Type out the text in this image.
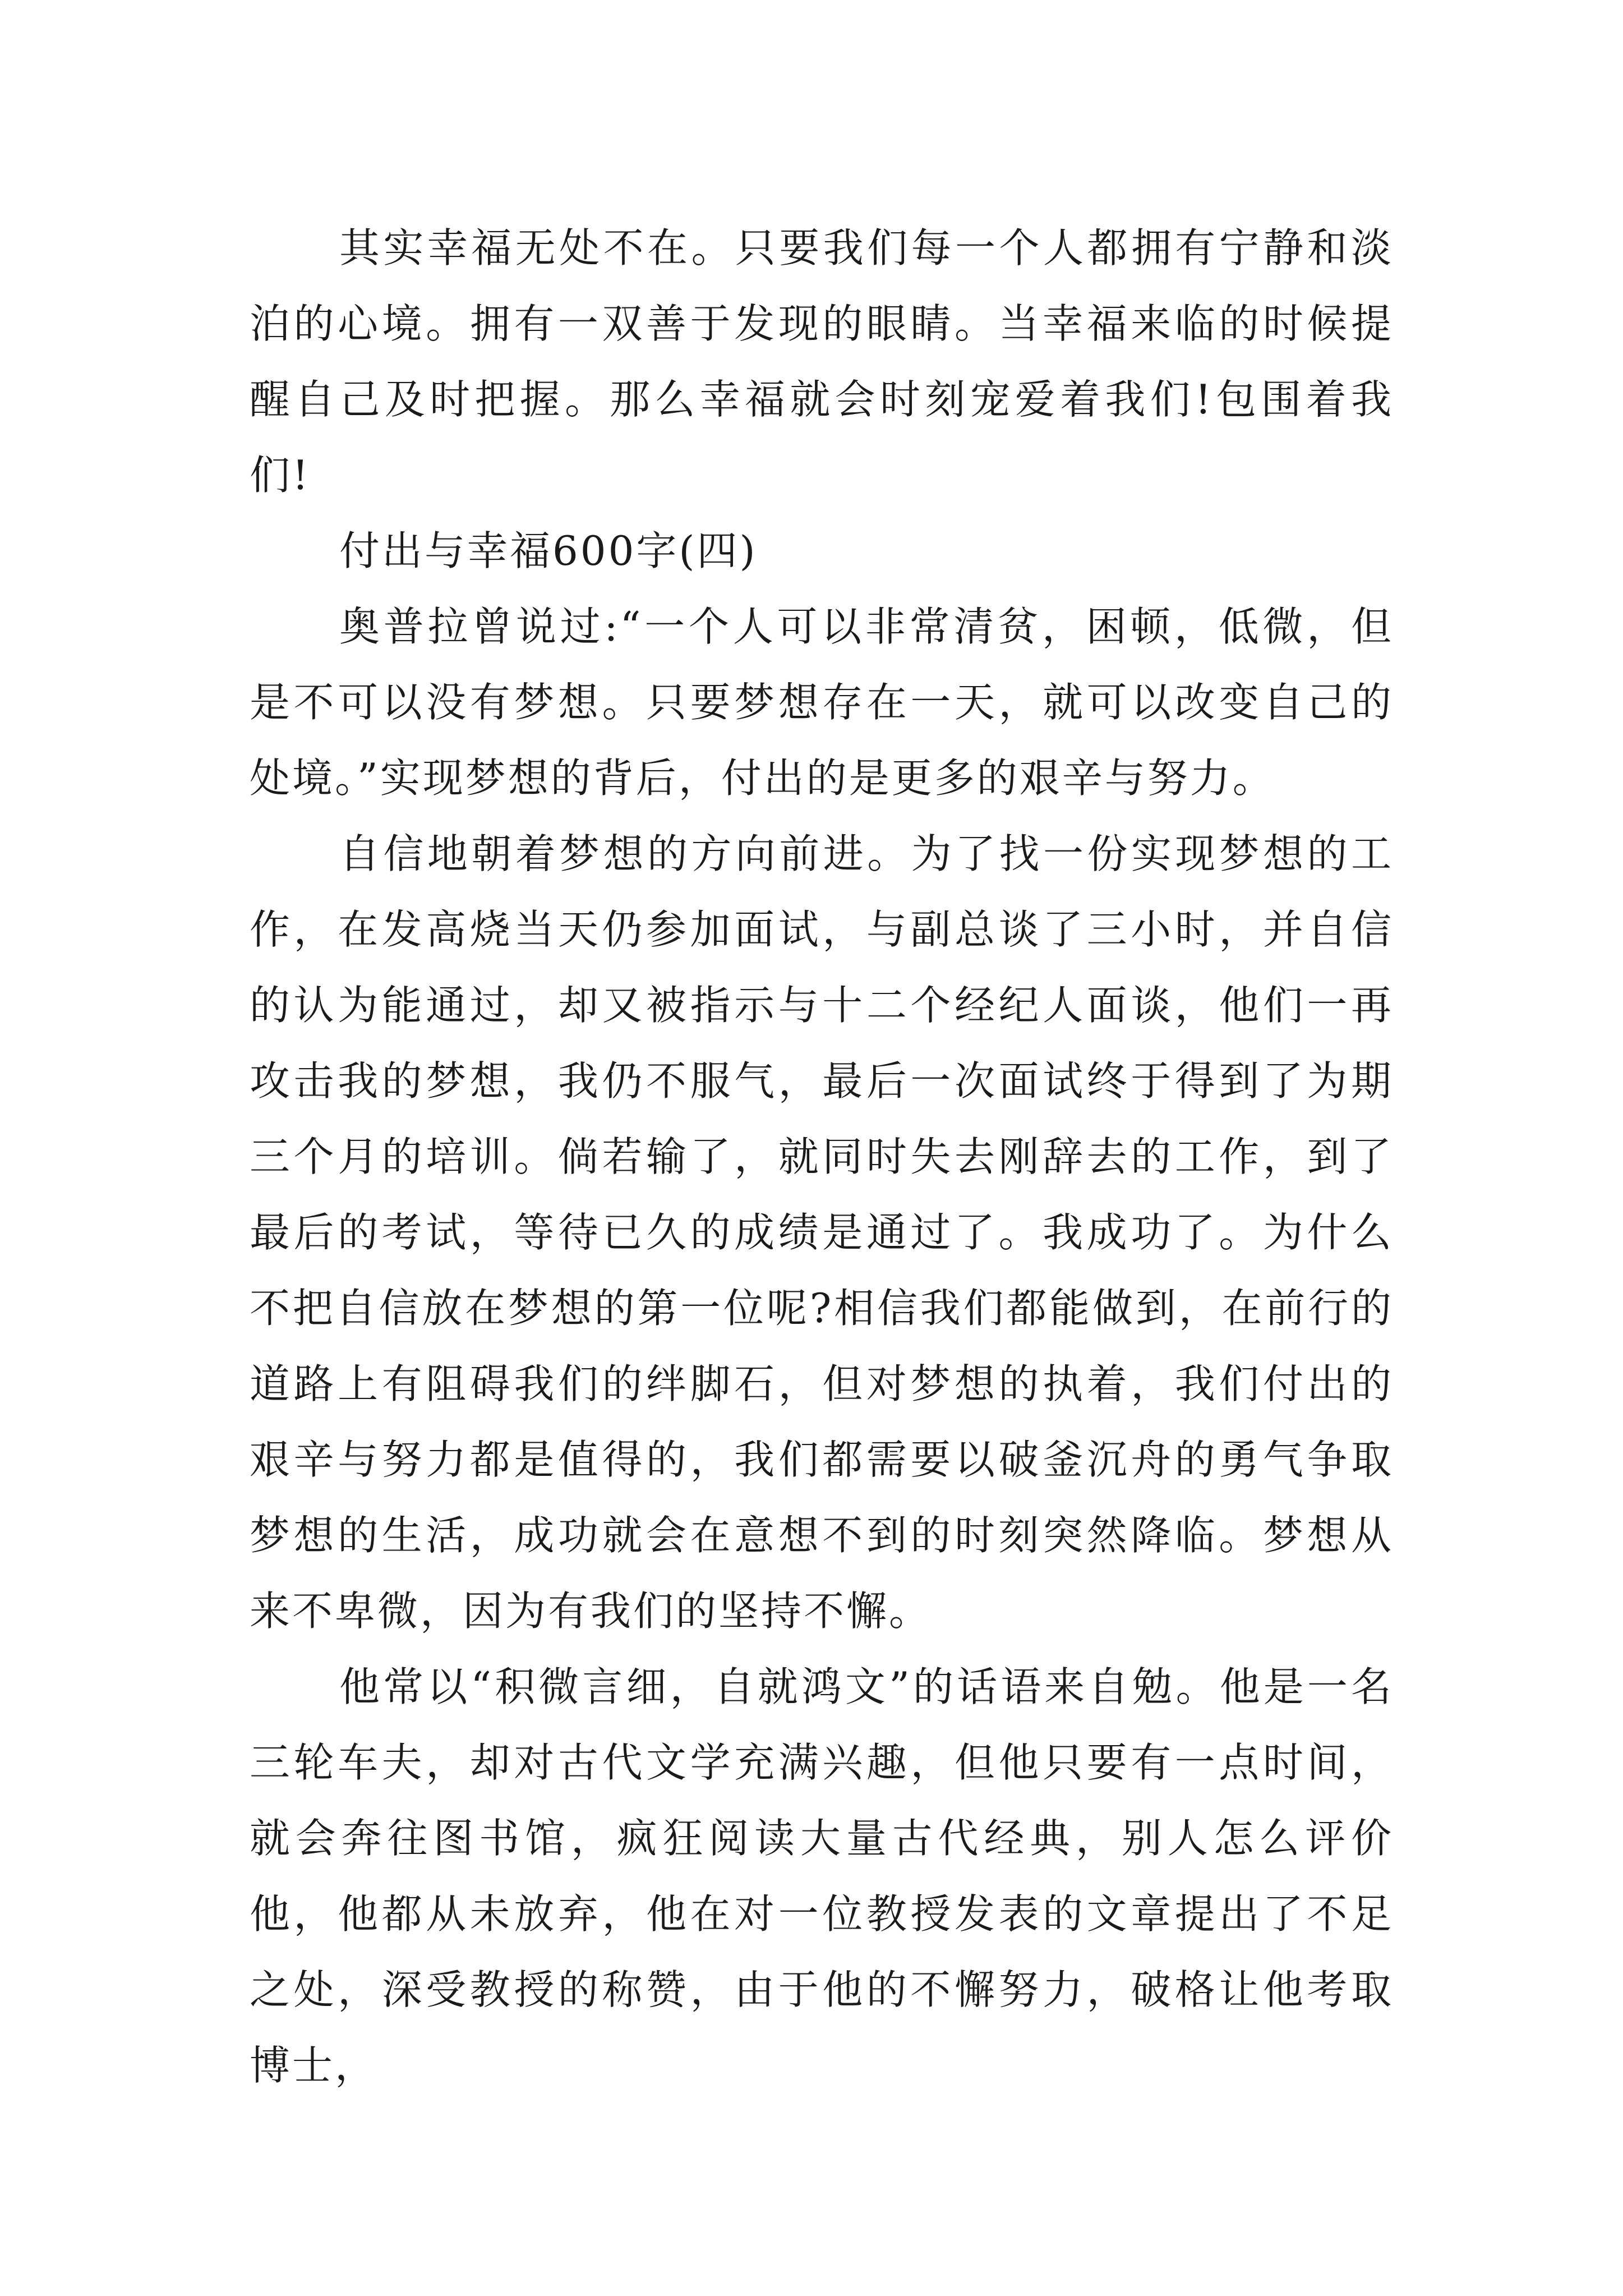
其实幸福无处不在。只要我们每一个人都拥有宁静和淡泊的心境。拥有一双善于发现的眼睛。当幸福来临的时候提醒自己及时把握。那么幸福就会时刻宠爱着我们!包围着我们!

付出与幸福600字(四)

奥普拉曾说过:“一个人可以非常清贫，困顿，低微，但是不可以没有梦想。只要梦想存在一天，就可以改变自己的处境。”实现梦想的背后，付出的是更多的艰辛与努力。

自信地朝着梦想的方向前进。为了找一份实现梦想的工作，在发高烧当天仍参加面试，与副总谈了三小时，并自信的认为能通过，却又被指示与十二个经纪人面谈，他们一再攻击我的梦想，我仍不服气，最后一次面试终于得到了为期三个月的培训。倘若输了，就同时失去刚辞去的工作，到了最后的考试，等待已久的成绩是通过了。我成功了。为什么不把自信放在梦想的第一位呢?相信我们都能做到，在前行的道路上有阻碍我们的绊脚石，但对梦想的执着，我们付出的艰辛与努力都是值得的，我们都需要以破釜沉舟的勇气争取梦想的生活，成功就会在意想不到的时刻突然降临。梦想从来不卑微，因为有我们的坚持不懈。

他常以“积微言细，自就鸿文”的话语来自勉。他是一名三轮车夫，却对古代文学充满兴趣，但他只要有一点时间，就会奔往图书馆，疯狂阅读大量古代经典，别人怎么评价他，他都从未放弃，他在对一位教授发表的文章提出了不足之处，深受教授的称赞，由于他的不懈努力，破格让他考取博士，
